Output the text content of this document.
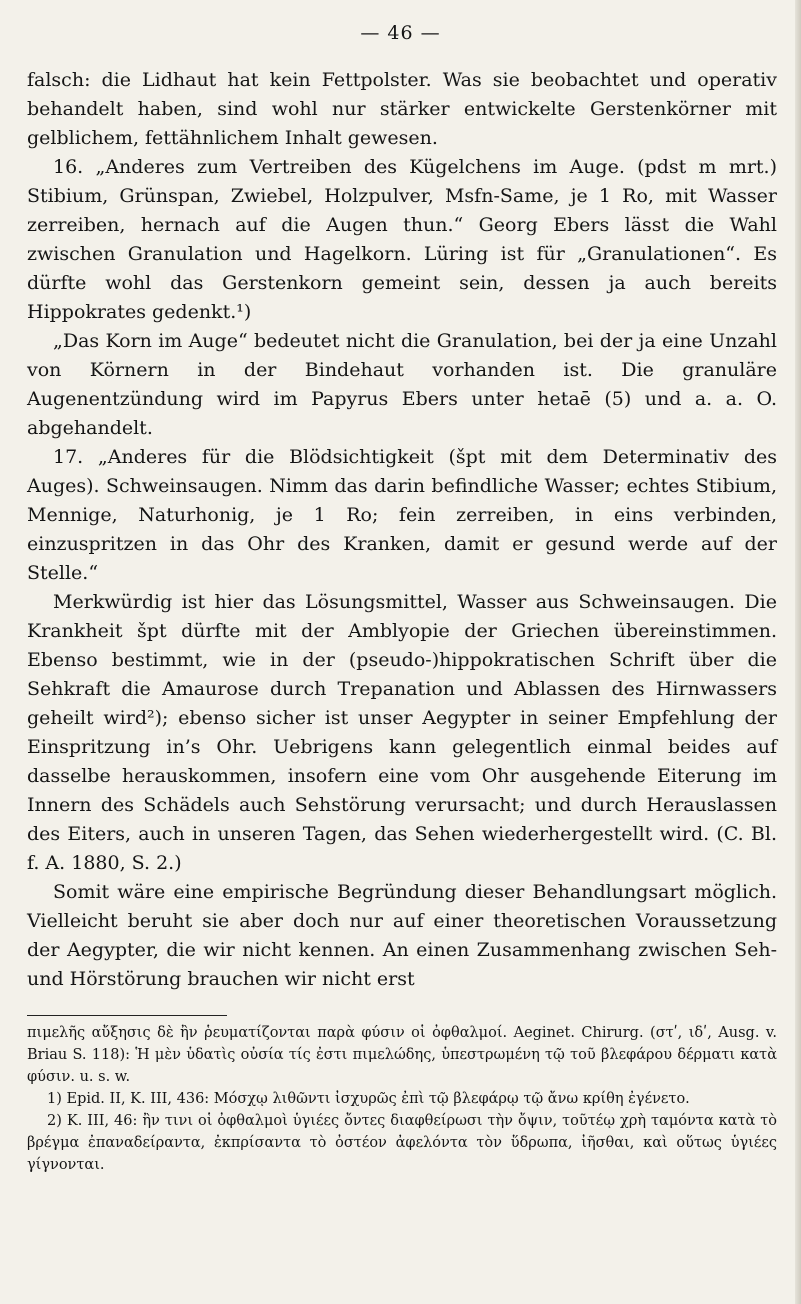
— 46 —

falsch: die Lidhaut hat kein Fettpolster. Was sie beobachtet und operativ behandelt haben, sind wohl nur stärker entwickelte Gerstenkörner mit gelblichem, fettähnlichem Inhalt gewesen.

16. „Anderes zum Vertreiben des Kügelchens im Auge. (pdst m mrt.) Stibium, Grünspan, Zwiebel, Holzpulver, Msfn-Same, je 1 Ro, mit Wasser zerreiben, hernach auf die Augen thun.“ Georg Ebers lässt die Wahl zwischen Granulation und Hagelkorn. Lüring ist für „Granulationen“. Es dürfte wohl das Gerstenkorn gemeint sein, dessen ja auch bereits Hippokrates gedenkt.¹)

„Das Korn im Auge“ bedeutet nicht die Granulation, bei der ja eine Unzahl von Körnern in der Bindehaut vorhanden ist. Die granuläre Augenentzündung wird im Papyrus Ebers unter hetaē (5) und a. a. O. abgehandelt.

17. „Anderes für die Blödsichtigkeit (špt mit dem Determinativ des Auges). Schweinsaugen. Nimm das darin befindliche Wasser; echtes Stibium, Mennige, Naturhonig, je 1 Ro; fein zerreiben, in eins verbinden, einzuspritzen in das Ohr des Kranken, damit er gesund werde auf der Stelle.“

Merkwürdig ist hier das Lösungsmittel, Wasser aus Schweinsaugen. Die Krankheit špt dürfte mit der Amblyopie der Griechen übereinstimmen. Ebenso bestimmt, wie in der (pseudo-)hippokratischen Schrift über die Sehkraft die Amaurose durch Trepanation und Ablassen des Hirnwassers geheilt wird²); ebenso sicher ist unser Aegypter in seiner Empfehlung der Einspritzung in’s Ohr. Uebrigens kann gelegentlich einmal beides auf dasselbe herauskommen, insofern eine vom Ohr ausgehende Eiterung im Innern des Schädels auch Sehstörung verursacht; und durch Herauslassen des Eiters, auch in unseren Tagen, das Sehen wiederhergestellt wird. (C. Bl. f. A. 1880, S. 2.)

Somit wäre eine empirische Begründung dieser Behandlungsart möglich. Vielleicht beruht sie aber doch nur auf einer theoretischen Voraussetzung der Aegypter, die wir nicht kennen. An einen Zusammenhang zwischen Seh- und Hörstörung brauchen wir nicht erst

πιμελῆς αὔξησις δὲ ἢν ῥευματίζονται παρὰ φύσιν οἱ ὀφθαλμοί. Aeginet. Chirurg. (στʹ, ιδʹ, Ausg. v. Briau S. 118): Ἡ μὲν ὑδατὶς οὐσία τίς ἐστι πιμελώδης, ὑπεστρωμένη τῷ τοῦ βλεφάρου δέρματι κατὰ φύσιν. u. s. w.

1) Epid. II, K. III, 436: Μόσχῳ λιθῶντι ἰσχυρῶς ἐπὶ τῷ βλεφάρῳ τῷ ἄνω κρίθη ἐγένετο.

2) K. III, 46: ἢν τινι οἱ ὀφθαλμοὶ ὑγιέες ὄντες διαφθείρωσι τὴν ὄψιν, τοῦτέῳ χρὴ ταμόντα κατὰ τὸ βρέγμα ἐπαναδείραντα, ἐκπρίσαντα τὸ ὀστέον ἀφελόντα τὸν ὕδρωπα, ἰῆσθαι, καὶ οὕτως ὑγιέες γίγνονται.
